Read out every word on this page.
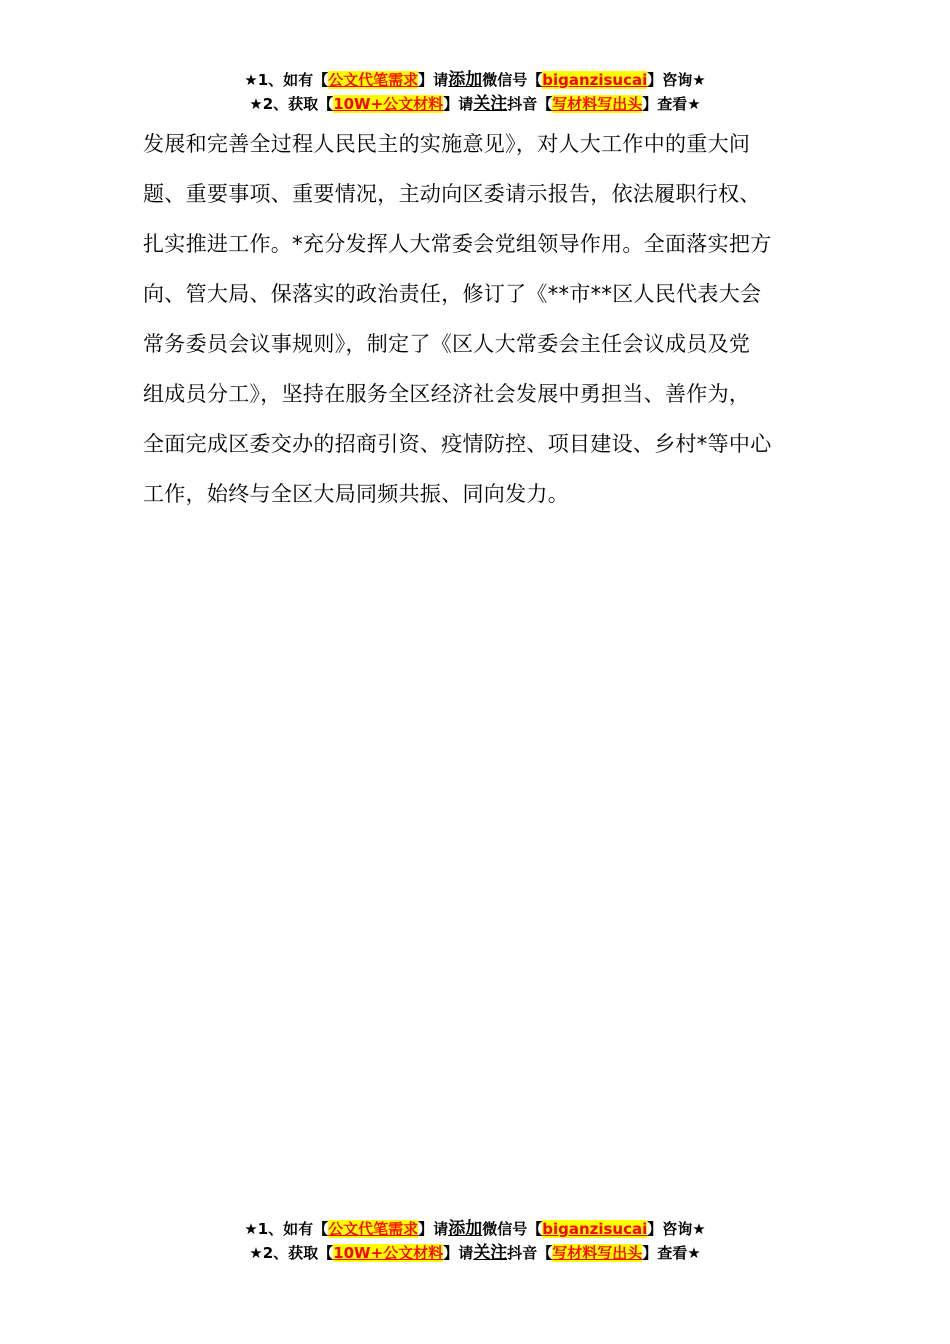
★1、如有【公文代笔需求】请添加微信号【biganzisucai】咨询★
★2、获取【10W+公文材料】请关注抖音【写材料写出头】查看★
发展和完善全过程人民民主的实施意见》，对人大工作中的重大问
题、重要事项、重要情况，主动向区委请示报告，依法履职行权、
扎实推进工作。*充分发挥人大常委会党组领导作用。全面落实把方
向、管大局、保落实的政治责任，修订了《**市**区人民代表大会
常务委员会议事规则》，制定了《区人大常委会主任会议成员及党
组成员分工》，坚持在服务全区经济社会发展中勇担当、善作为，
全面完成区委交办的招商引资、疫情防控、项目建设、乡村*等中心
工作，始终与全区大局同频共振、同向发力。
★1、如有【公文代笔需求】请添加微信号【biganzisucai】咨询★
★2、获取【10W+公文材料】请关注抖音【写材料写出头】查看★
